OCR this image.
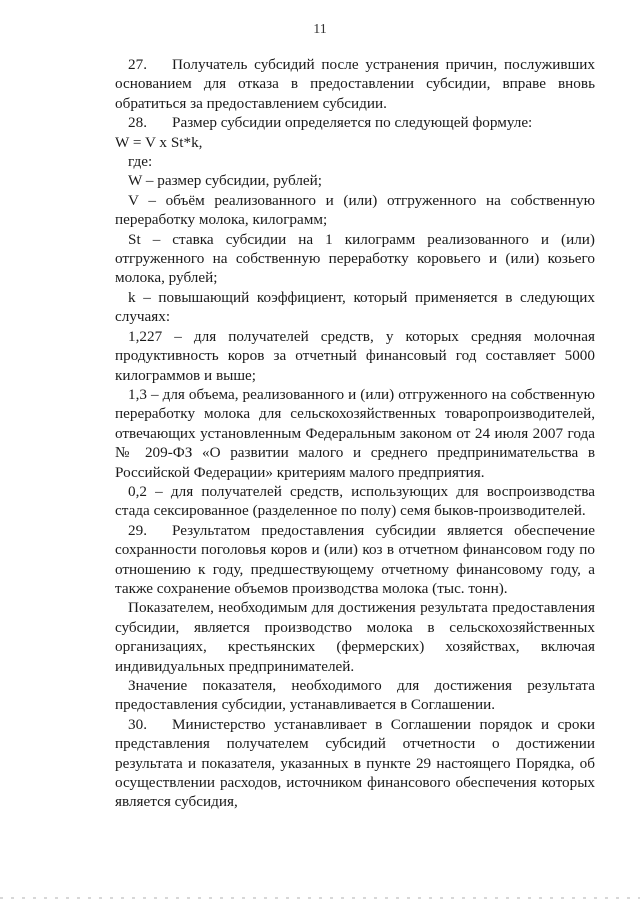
11

27. Получатель субсидий после устранения причин, послуживших основанием для отказа в предоставлении субсидии, вправе вновь обратиться за предоставлением субсидии.

28. Размер субсидии определяется по следующей формуле:

W = V x St*k,

где:

W – размер субсидии, рублей;

V – объём реализованного и (или) отгруженного на собственную переработку молока, килограмм;

St – ставка субсидии на 1 килограмм реализованного и (или) отгруженного на собственную переработку коровьего и (или) козьего молока, рублей;

k – повышающий коэффициент, который применяется в следующих случаях:

1,227 – для получателей средств, у которых средняя молочная продуктивность коров за отчетный финансовый год составляет 5000 килограммов и выше;

1,3 – для объема, реализованного и (или) отгруженного на собственную переработку молока для сельскохозяйственных товаропроизводителей, отвечающих установленным Федеральным законом от 24 июля 2007 года № 209-ФЗ «О развитии малого и среднего предпринимательства в Российской Федерации» критериям малого предприятия.

0,2 – для получателей средств, использующих для воспроизводства стада сексированное (разделенное по полу) семя быков-производителей.

29. Результатом предоставления субсидии является обеспечение сохранности поголовья коров и (или) коз в отчетном финансовом году по отношению к году, предшествующему отчетному финансовому году, а также сохранение объемов производства молока (тыс. тонн).

Показателем, необходимым для достижения результата предоставления субсидии, является производство молока в сельскохозяйственных организациях, крестьянских (фермерских) хозяйствах, включая индивидуальных предпринимателей.

Значение показателя, необходимого для достижения результата предоставления субсидии, устанавливается в Соглашении.

30. Министерство устанавливает в Соглашении порядок и сроки представления получателем субсидий отчетности о достижении результата и показателя, указанных в пункте 29 настоящего Порядка, об осуществлении расходов, источником финансового обеспечения которых является субсидия,
